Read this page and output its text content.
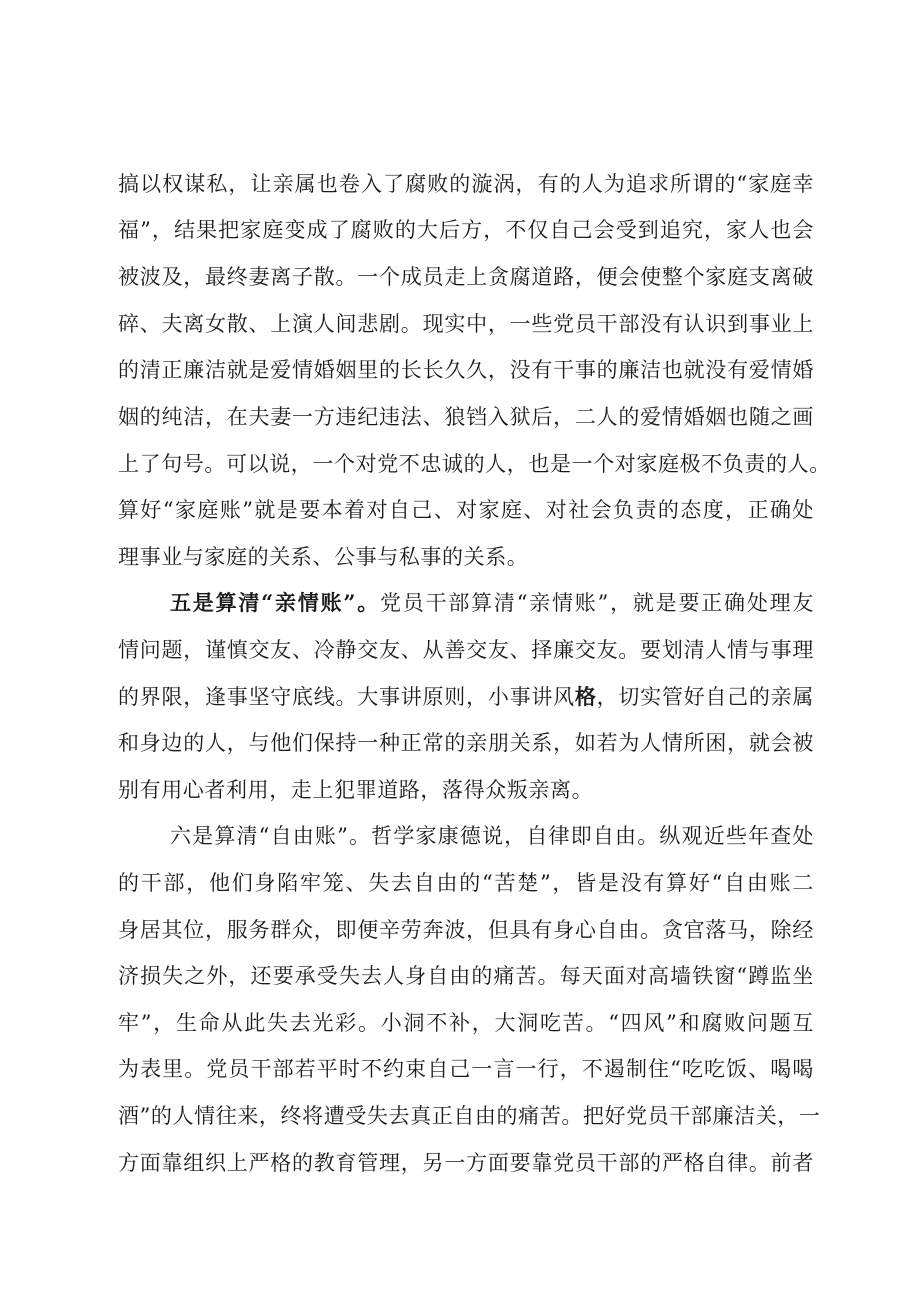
搞以权谋私，让亲属也卷入了腐败的漩涡，有的人为追求所谓的“家庭幸
福”，结果把家庭变成了腐败的大后方，不仅自己会受到追究，家人也会
被波及，最终妻离子散。一个成员走上贪腐道路，便会使整个家庭支离破
碎、夫离女散、上演人间悲剧。现实中，一些党员干部没有认识到事业上
的清正廉洁就是爱情婚姻里的长长久久，没有干事的廉洁也就没有爱情婚
姻的纯洁，在夫妻一方违纪违法、狼铛入狱后，二人的爱情婚姻也随之画
上了句号。可以说，一个对党不忠诚的人，也是一个对家庭极不负责的人。
算好“家庭账”就是要本着对自己、对家庭、对社会负责的态度，正确处
理事业与家庭的关系、公事与私事的关系。
五是算清“亲情账”。党员干部算清“亲情账”，就是要正确处理友
情问题，谨慎交友、冷静交友、从善交友、择廉交友。要划清人情与事理
的界限，逢事坚守底线。大事讲原则，小事讲风格，切实管好自己的亲属
和身边的人，与他们保持一种正常的亲朋关系，如若为人情所困，就会被
别有用心者利用，走上犯罪道路，落得众叛亲离。
六是算清“自由账”。哲学家康德说，自律即自由。纵观近些年查处
的干部，他们身陷牢笼、失去自由的“苦楚”，皆是没有算好“自由账二
身居其位，服务群众，即便辛劳奔波，但具有身心自由。贪官落马，除经
济损失之外，还要承受失去人身自由的痛苦。每天面对高墙铁窗“蹲监坐
牢”，生命从此失去光彩。小洞不补，大洞吃苦。“四风”和腐败问题互
为表里。党员干部若平时不约束自己一言一行，不遏制住“吃吃饭、喝喝
酒”的人情往来，终将遭受失去真正自由的痛苦。把好党员干部廉洁关，一
方面靠组织上严格的教育管理，另一方面要靠党员干部的严格自律。前者
